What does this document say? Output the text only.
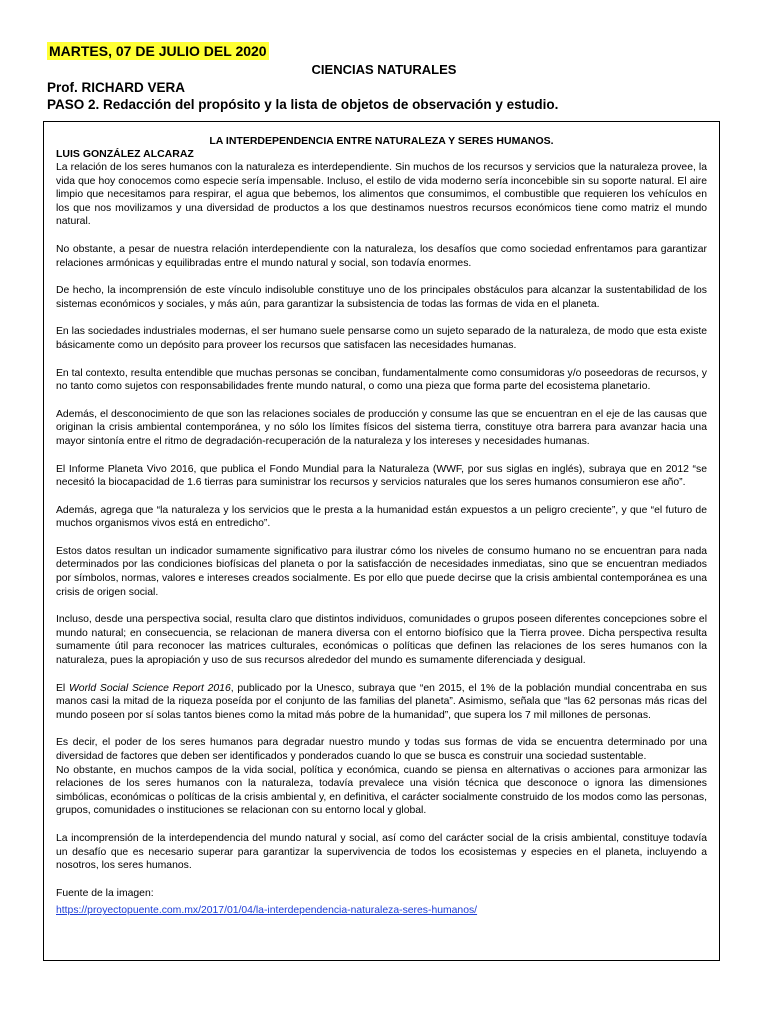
MARTES, 07 DE JULIO DEL 2020
CIENCIAS NATURALES
Prof. RICHARD VERA
PASO 2. Redacción del propósito y la lista de objetos de observación y estudio.

LA INTERDEPENDENCIA ENTRE NATURALEZA Y SERES HUMANOS.

LUIS GONZÁLEZ ALCARAZ

La relación de los seres humanos con la naturaleza es interdependiente. Sin muchos de los recursos y servicios que la naturaleza provee, la vida que hoy conocemos como especie sería impensable. Incluso, el estilo de vida moderno sería inconcebible sin su soporte natural. El aire limpio que necesitamos para respirar, el agua que bebemos, los alimentos que consumimos, el combustible que requieren los vehículos en los que nos movilizamos y una diversidad de productos a los que destinamos nuestros recursos económicos tiene como matriz el mundo natural.

No obstante, a pesar de nuestra relación interdependiente con la naturaleza, los desafíos que como sociedad enfrentamos para garantizar relaciones armónicas y equilibradas entre el mundo natural y social, son todavía enormes.

De hecho, la incomprensión de este vínculo indisoluble constituye uno de los principales obstáculos para alcanzar la sustentabilidad de los sistemas económicos y sociales, y más aún, para garantizar la subsistencia de todas las formas de vida en el planeta.

En las sociedades industriales modernas, el ser humano suele pensarse como un sujeto separado de la naturaleza, de modo que esta existe básicamente como un depósito para proveer los recursos que satisfacen las necesidades humanas.

En tal contexto, resulta entendible que muchas personas se conciban, fundamentalmente como consumidoras y/o poseedoras de recursos, y no tanto como sujetos con responsabilidades frente mundo natural, o como una pieza que forma parte del ecosistema planetario.

Además, el desconocimiento de que son las relaciones sociales de producción y consume las que se encuentran en el eje de las causas que originan la crisis ambiental contemporánea, y no sólo los límites físicos del sistema tierra, constituye otra barrera para avanzar hacia una mayor sintonía entre el ritmo de degradación-recuperación de la naturaleza y los intereses y necesidades humanas.

El Informe Planeta Vivo 2016, que publica el Fondo Mundial para la Naturaleza (WWF, por sus siglas en inglés), subraya que en 2012 “se necesitó la biocapacidad de 1.6 tierras para suministrar los recursos y servicios naturales que los seres humanos consumieron ese año”.

Además, agrega que “la naturaleza y los servicios que le presta a la humanidad están expuestos a un peligro creciente”, y que “el futuro de muchos organismos vivos está en entredicho”.

Estos datos resultan un indicador sumamente significativo para ilustrar cómo los niveles de consumo humano no se encuentran para nada determinados por las condiciones biofísicas del planeta o por la satisfacción de necesidades inmediatas, sino que se encuentran mediados por símbolos, normas, valores e intereses creados socialmente. Es por ello que puede decirse que la crisis ambiental contemporánea es una crisis de origen social.

Incluso, desde una perspectiva social, resulta claro que distintos individuos, comunidades o grupos poseen diferentes concepciones sobre el mundo natural; en consecuencia, se relacionan de manera diversa con el entorno biofísico que la Tierra provee. Dicha perspectiva resulta sumamente útil para reconocer las matrices culturales, económicas o políticas que definen las relaciones de los seres humanos con la naturaleza, pues la apropiación y uso de sus recursos alrededor del mundo es sumamente diferenciada y desigual.

El World Social Science Report 2016, publicado por la Unesco, subraya que “en 2015, el 1% de la población mundial concentraba en sus manos casi la mitad de la riqueza poseída por el conjunto de las familias del planeta”. Asimismo, señala que “las 62 personas más ricas del mundo poseen por sí solas tantos bienes como la mitad más pobre de la humanidad”, que supera los 7 mil millones de personas.

Es decir, el poder de los seres humanos para degradar nuestro mundo y todas sus formas de vida se encuentra determinado por una diversidad de factores que deben ser identificados y ponderados cuando lo que se busca es construir una sociedad sustentable.

No obstante, en muchos campos de la vida social, política y económica, cuando se piensa en alternativas o acciones para armonizar las relaciones de los seres humanos con la naturaleza, todavía prevalece una visión técnica que desconoce o ignora las dimensiones simbólicas, económicas o políticas de la crisis ambiental y, en definitiva, el carácter socialmente construido de los modos como las personas, grupos, comunidades o instituciones se relacionan con su entorno local y global.

La incomprensión de la interdependencia del mundo natural y social, así como del carácter social de la crisis ambiental, constituye todavía un desafío que es necesario superar para garantizar la supervivencia de todos los ecosistemas y especies en el planeta, incluyendo a nosotros, los seres humanos.

Fuente de la imagen:

https://proyectopuente.com.mx/2017/01/04/la-interdependencia-naturaleza-seres-humanos/
